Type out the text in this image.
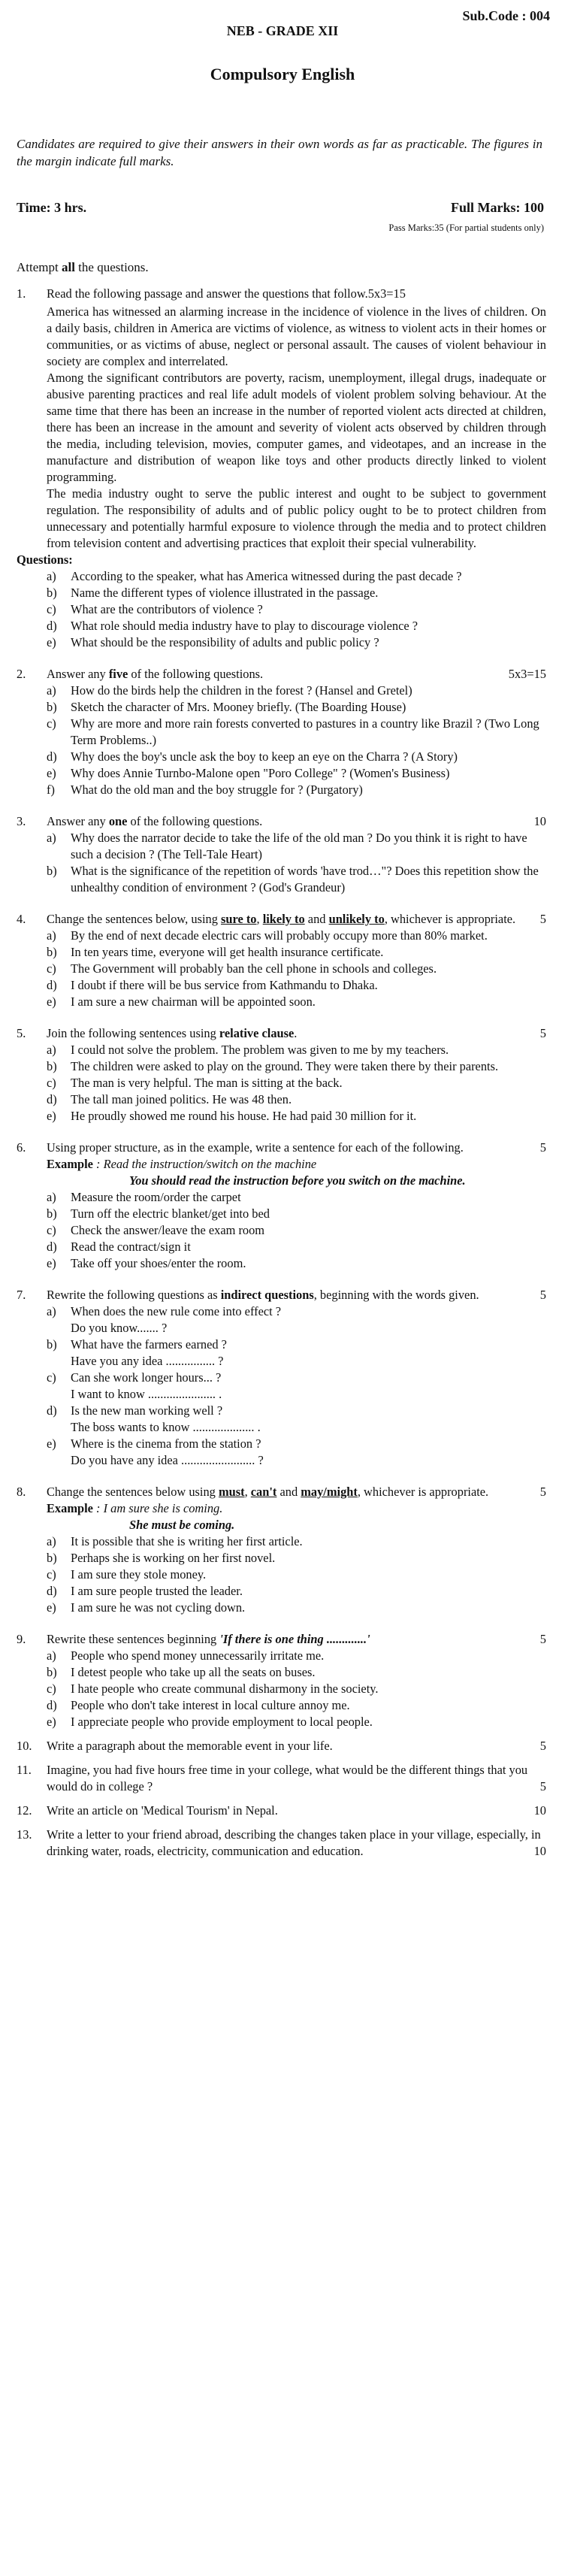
Sub.Code : 004
NEB - GRADE XII
Compulsory English
Candidates are required to give their answers in their own words as far as practicable. The figures in the margin indicate full marks.
Time: 3 hrs.	Full Marks: 100
Pass Marks:35 (For partial students only)
Attempt all the questions.
1.	Read the following passage and answer the questions that follow.5x3=15

America has witnessed an alarming increase in the incidence of violence in the lives of children. On a daily basis, children in America are victims of violence, as witness to violent acts in their homes or communities, or as victims of abuse, neglect or personal assault. The causes of violent behaviour in society are complex and interrelated.

Among the significant contributors are poverty, racism, unemployment, illegal drugs, inadequate or abusive parenting practices and real life adult models of violent problem solving behaviour. At the same time that there has been an increase in the number of reported violent acts directed at children, there has been an increase in the amount and severity of violent acts observed by children through the media, including television, movies, computer games, and videotapes, and an increase in the manufacture and distribution of weapon like toys and other products directly linked to violent programming.

The media industry ought to serve the public interest and ought to be subject to government regulation. The responsibility of adults and of public policy ought to be to protect children from unnecessary and potentially harmful exposure to violence through the media and to protect children from television content and advertising practices that exploit their special vulnerability.

Questions:
a) According to the speaker, what has America witnessed during the past decade ?
b) Name the different types of violence illustrated in the passage.
c) What are the contributors of violence ?
d) What role should media industry have to play to discourage violence ?
e) What should be the responsibility of adults and public policy ?
2.	Answer any five of the following questions.	5x3=15
a) How do the birds help the children in the forest ? (Hansel and Gretel)
b) Sketch the character of Mrs. Mooney briefly. (The Boarding House)
c) Why are more and more rain forests converted to pastures in a country like Brazil ? (Two Long Term Problems..)
d) Why does the boy's uncle ask the boy to keep an eye on the Charra ? (A Story)
e) Why does Annie Turnbo-Malone open "Poro College" ? (Women's Business)
f) What do the old man and the boy struggle for ? (Purgatory)
3.	Answer any one of the following questions.	10
a) Why does the narrator decide to take the life of the old man ? Do you think it is right to have such a decision ? (The Tell-Tale Heart)
b) What is the significance of the repetition of words 'have trod…"? Does this repetition show the unhealthy condition of environment ? (God's Grandeur)
4.	Change the sentences below, using sure to, likely to and unlikely to, whichever is appropriate. 5
a) By the end of next decade electric cars will probably occupy more than 80% market.
b) In ten years time, everyone will get health insurance certificate.
c) The Government will probably ban the cell phone in schools and colleges.
d) I doubt if there will be bus service from Kathmandu to Dhaka.
e) I am sure a new chairman will be appointed soon.
5.	Join the following sentences using relative clause.	5
a) I could not solve the problem. The problem was given to me by my teachers.
b) The children were asked to play on the ground. They were taken there by their parents.
c) The man is very helpful. The man is sitting at the back.
d) The tall man joined politics. He was 48 then.
e) He proudly showed me round his house. He had paid 30 million for it.
6.	Using proper structure, as in the example, write a sentence for each of the following.	5
Example : Read the instruction/switch on the machine
You should read the instruction before you switch on the machine.
a) Measure the room/order the carpet
b) Turn off the electric blanket/get into bed
c) Check the answer/leave the exam room
d) Read the contract/sign it
e) Take off your shoes/enter the room.
7.	Rewrite the following questions as indirect questions, beginning with the words given.	5
a) When does the new rule come into effect ?
Do you know....... ?
b) What have the farmers earned ?
Have you any idea ................ ?
c) Can she work longer hours... ?
I want to know ...................... .
d) Is the new man working well ?
The boss wants to know .................... .
e) Where is the cinema from the station ?
Do you have any idea ........................ ?
8.	Change the sentences below using must, can't and may/might, whichever is appropriate.	5
Example : I am sure she is coming.
She must be coming.
a) It is possible that she is writing her first article.
b) Perhaps she is working on her first novel.
c) I am sure they stole money.
d) I am sure people trusted the leader.
e) I am sure he was not cycling down.
9.	Rewrite these sentences beginning 'If there is one thing .............'	5
a) People who spend money unnecessarily irritate me.
b) I detest people who take up all the seats on buses.
c) I hate people who create communal disharmony in the society.
d) People who don't take interest in local culture annoy me.
e) I appreciate people who provide employment to local people.
10.	Write a paragraph about the memorable event in your life.	5
11.	Imagine, you had five hours free time in your college, what would be the different things that you would do in college ?	5
12.	Write an article on 'Medical Tourism' in Nepal.	10
13.	Write a letter to your friend abroad, describing the changes taken place in your village, especially, in drinking water, roads, electricity, communication and education.	10
